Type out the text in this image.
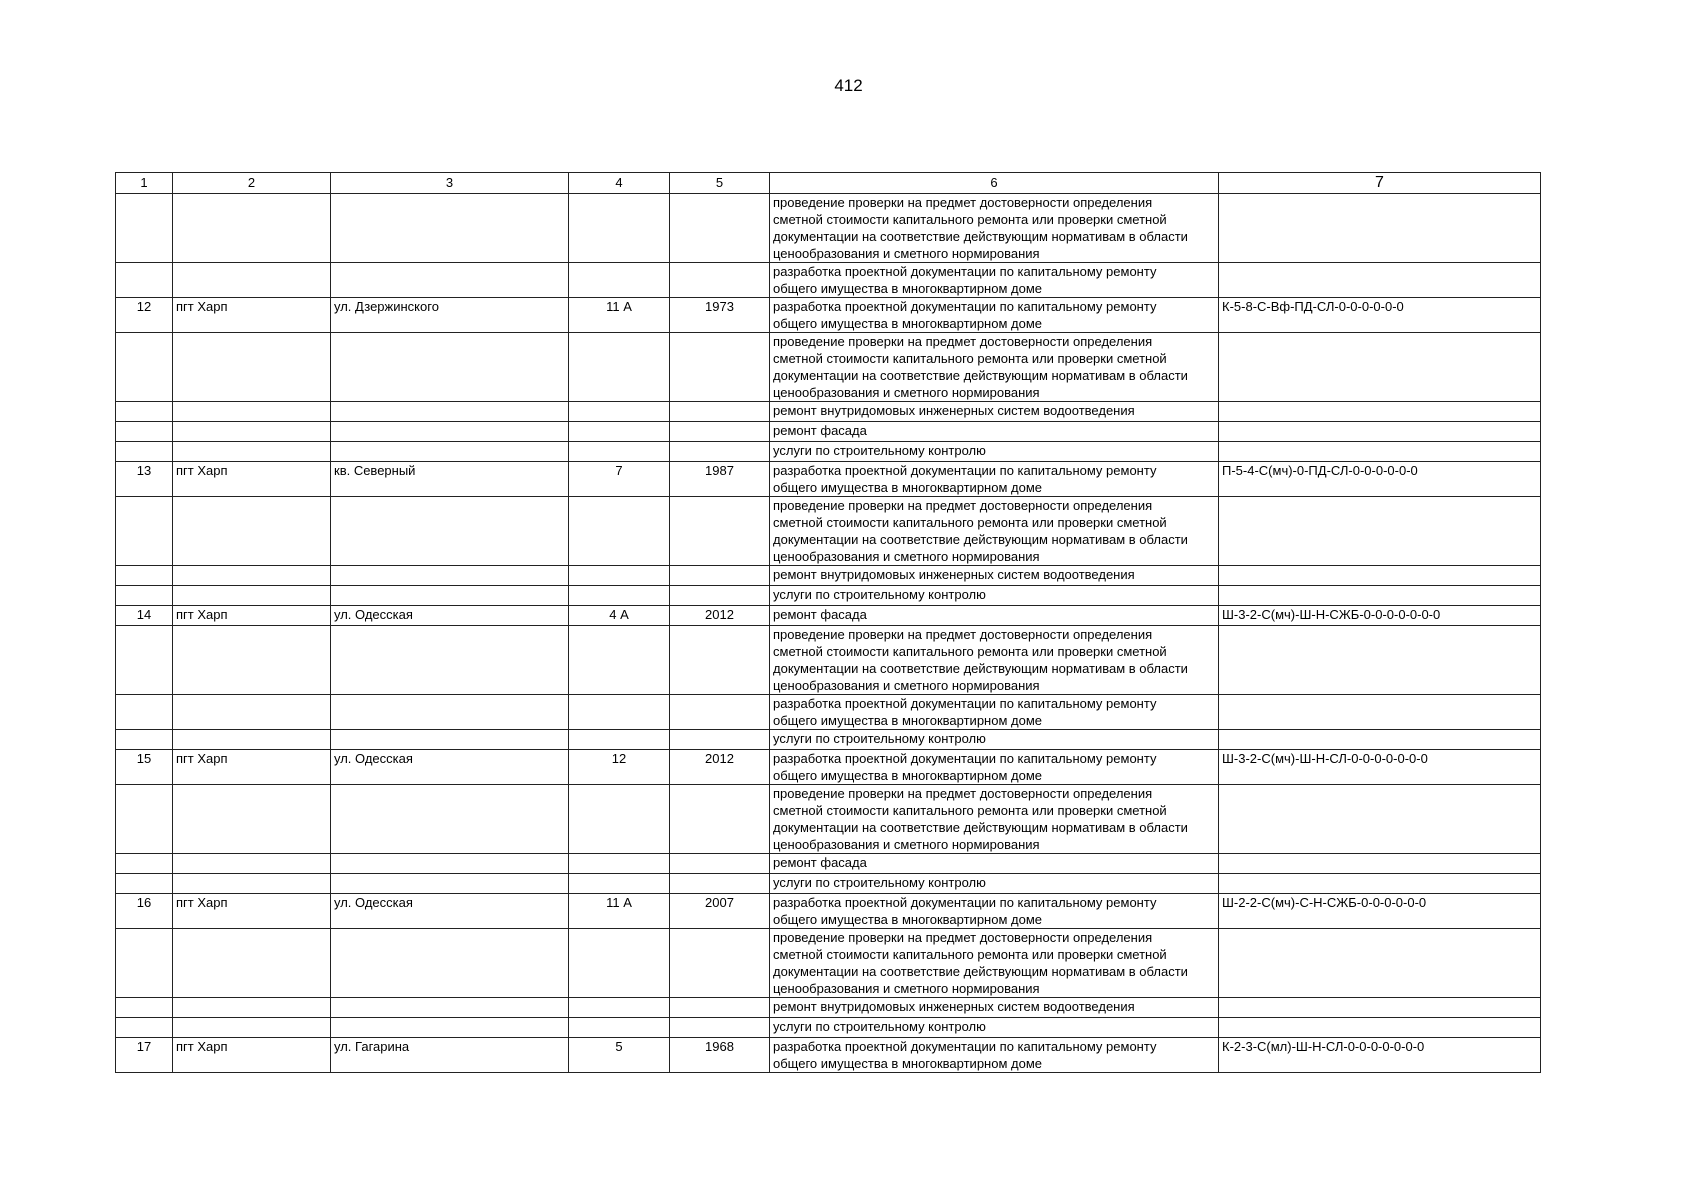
412
1	2	3	4	5	6	7
					проведение проверки на предмет достоверности определения
сметной стоимости капитального ремонта или проверки сметной
документации на соответствие действующим нормативам в области
ценообразования и сметного нормирования	
					разработка проектной документации по капитальному ремонту
общего имущества в многоквартирном доме	
12	пгт Харп	ул. Дзержинского	11 А	1973	разработка проектной документации по капитальному ремонту
общего имущества в многоквартирном доме	К-5-8-С-Вф-ПД-СЛ-0-0-0-0-0-0
					проведение проверки на предмет достоверности определения
сметной стоимости капитального ремонта или проверки сметной
документации на соответствие действующим нормативам в области
ценообразования и сметного нормирования	
					ремонт внутридомовых инженерных систем водоотведения	
					ремонт фасада	
					услуги по строительному контролю	
13	пгт Харп	кв. Северный	7	1987	разработка проектной документации по капитальному ремонту
общего имущества в многоквартирном доме	П-5-4-С(мч)-0-ПД-СЛ-0-0-0-0-0-0
					проведение проверки на предмет достоверности определения
сметной стоимости капитального ремонта или проверки сметной
документации на соответствие действующим нормативам в области
ценообразования и сметного нормирования	
					ремонт внутридомовых инженерных систем водоотведения	
					услуги по строительному контролю	
14	пгт Харп	ул. Одесская	4 А	2012	ремонт фасада	Ш-3-2-С(мч)-Ш-Н-СЖБ-0-0-0-0-0-0-0
					проведение проверки на предмет достоверности определения
сметной стоимости капитального ремонта или проверки сметной
документации на соответствие действующим нормативам в области
ценообразования и сметного нормирования	
					разработка проектной документации по капитальному ремонту
общего имущества в многоквартирном доме	
					услуги по строительному контролю	
15	пгт Харп	ул. Одесская	12	2012	разработка проектной документации по капитальному ремонту
общего имущества в многоквартирном доме	Ш-3-2-С(мч)-Ш-Н-СЛ-0-0-0-0-0-0-0
					проведение проверки на предмет достоверности определения
сметной стоимости капитального ремонта или проверки сметной
документации на соответствие действующим нормативам в области
ценообразования и сметного нормирования	
					ремонт фасада	
					услуги по строительному контролю	
16	пгт Харп	ул. Одесская	11 А	2007	разработка проектной документации по капитальному ремонту
общего имущества в многоквартирном доме	Ш-2-2-С(мч)-С-Н-СЖБ-0-0-0-0-0-0
					проведение проверки на предмет достоверности определения
сметной стоимости капитального ремонта или проверки сметной
документации на соответствие действующим нормативам в области
ценообразования и сметного нормирования	
					ремонт внутридомовых инженерных систем водоотведения	
					услуги по строительному контролю	
17	пгт Харп	ул. Гагарина	5	1968	разработка проектной документации по капитальному ремонту
общего имущества в многоквартирном доме	К-2-3-С(мл)-Ш-Н-СЛ-0-0-0-0-0-0-0
